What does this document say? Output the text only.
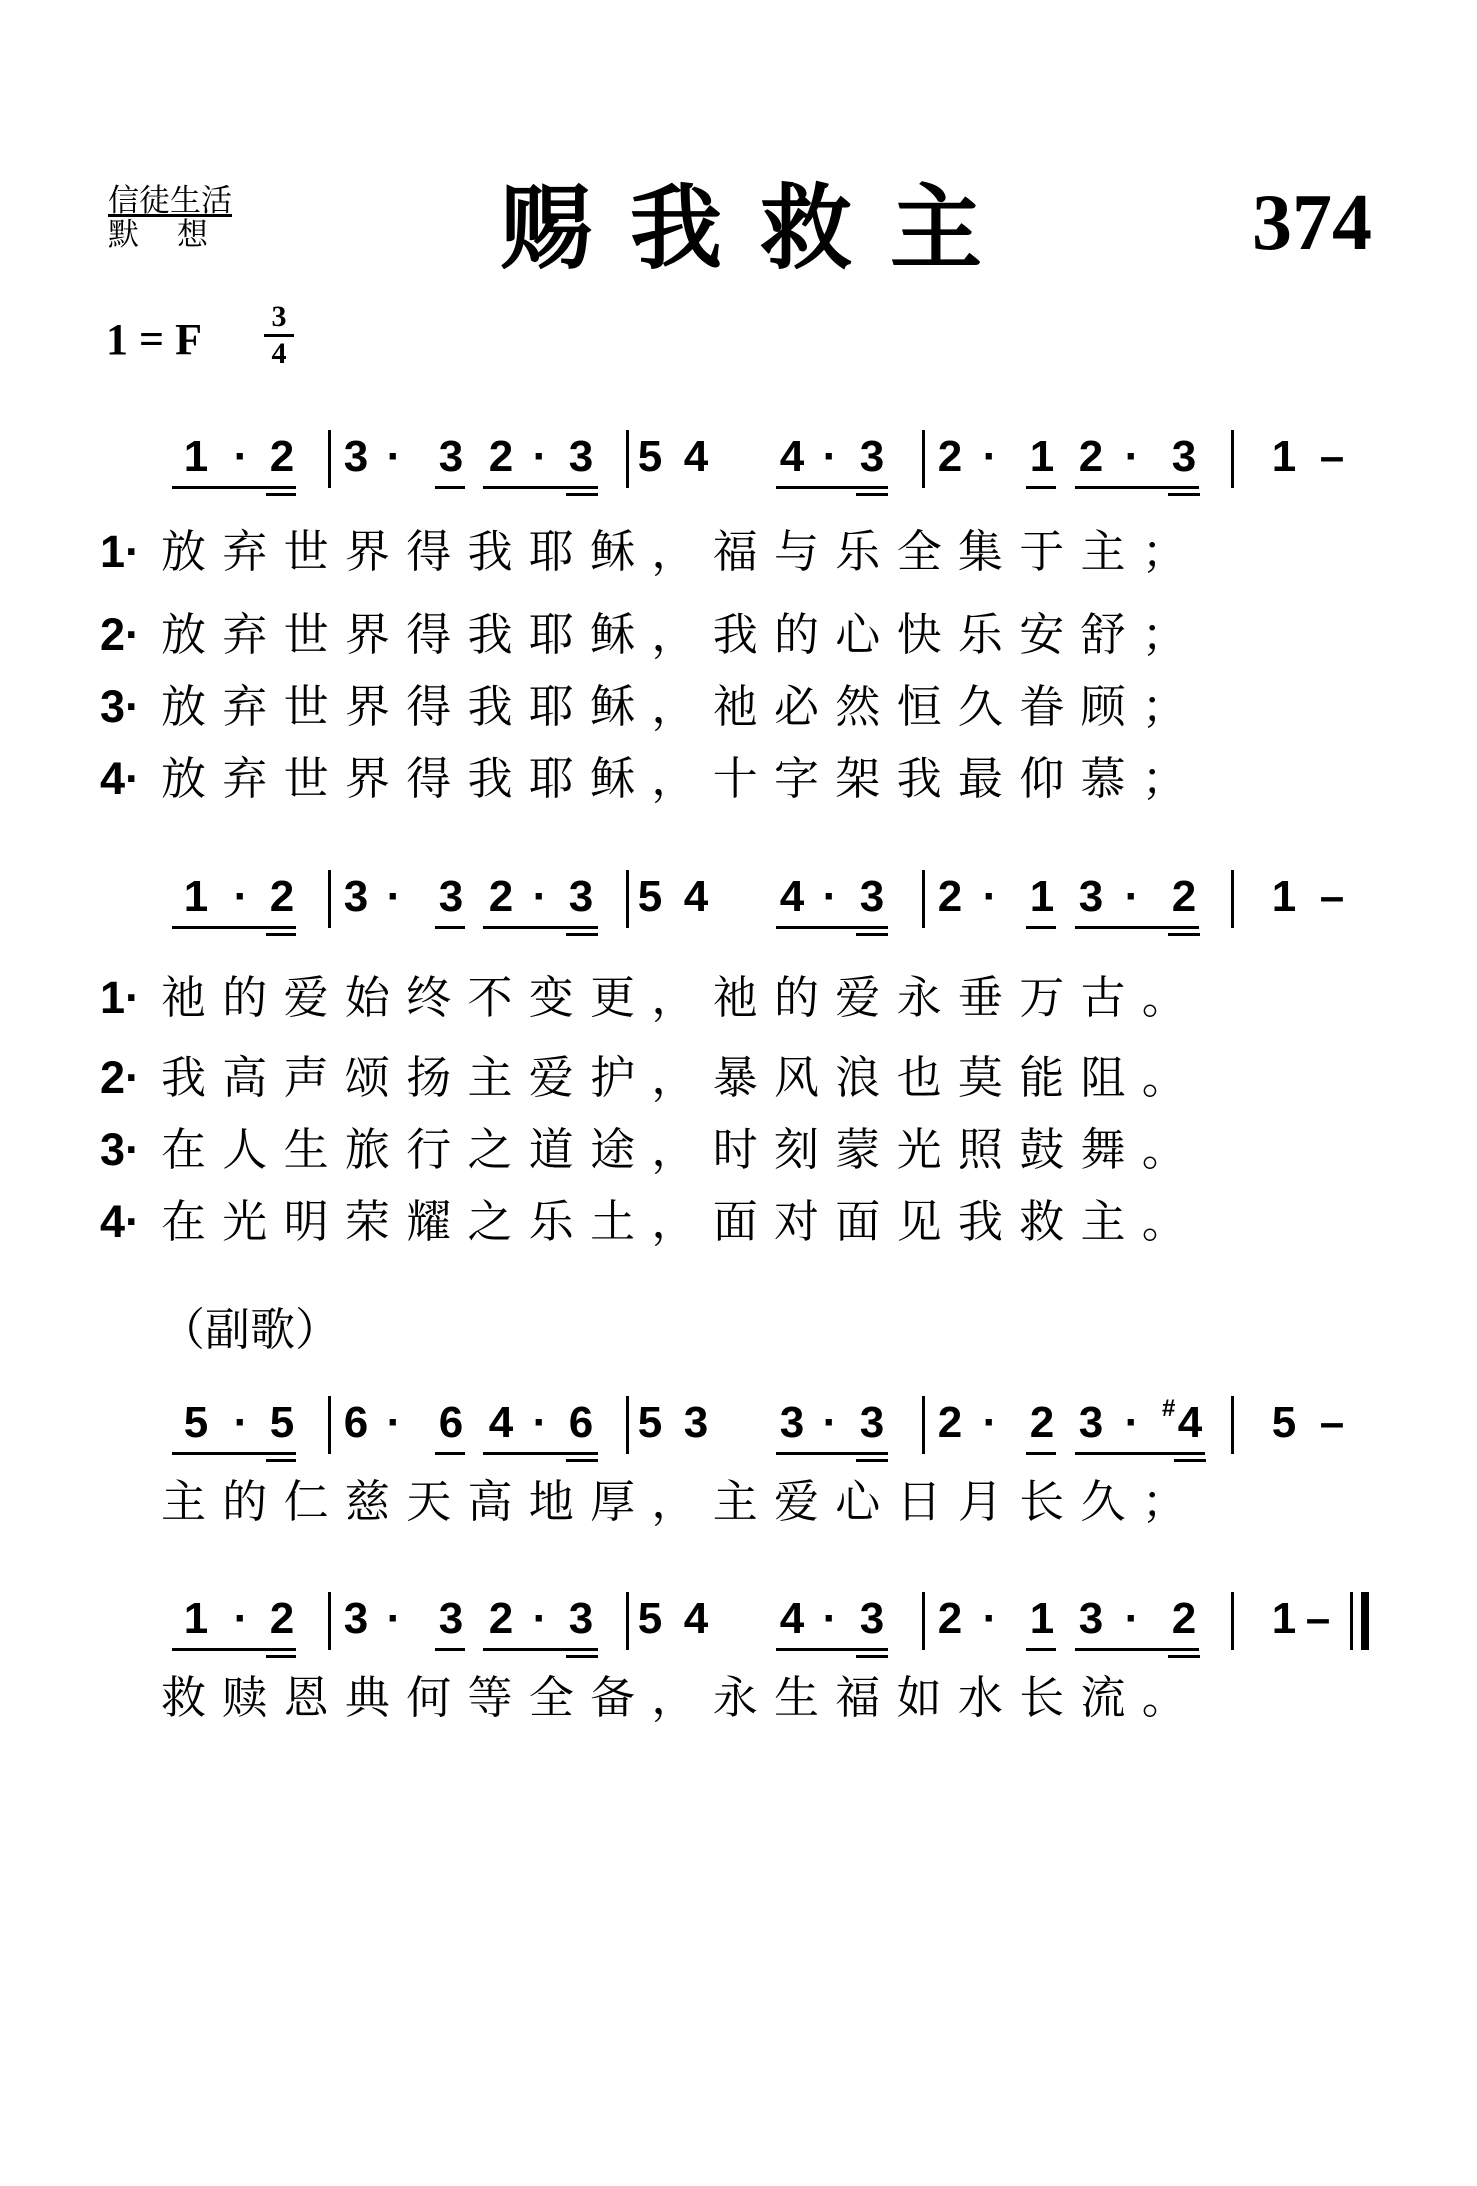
信徒生活
默想	赐我救主	374
1 = F $\frac{3}{4}$
1 · 2	3 · 3 2 · 3	5 4	4 · 3	2 · 1 2 · 3	1 –
1· 放弃世界得我耶稣，福与乐全集于主；
2· 放弃世界得我耶稣，我的心快乐安舒；
3· 放弃世界得我耶稣，祂必然恒久眷顾；
4· 放弃世界得我耶稣，十字架我最仰慕；
1 · 2	3 · 3 2 · 3	5 4	4 · 3	2 · 1 3 · 2	1 –
1· 祂的爱始终不变更，祂的爱永垂万古。
2· 我高声颂扬主爱护，暴风浪也莫能阻。
3· 在人生旅行之道途，时刻蒙光照鼓舞。
4· 在光明荣耀之乐土，面对面见我救主。
（副歌）
5 · 5	6 · 6 4 · 6	5 3	3 · 3	2 · 2 3 · # 4	5 –
主的仁慈天高地厚，主爱心日月长久；
1 · 2	3 · 3 2 · 3	5 4	4 · 3	2 · 1 3 · 2	1 –
救赎恩典何等全备，永生福如水长流。
